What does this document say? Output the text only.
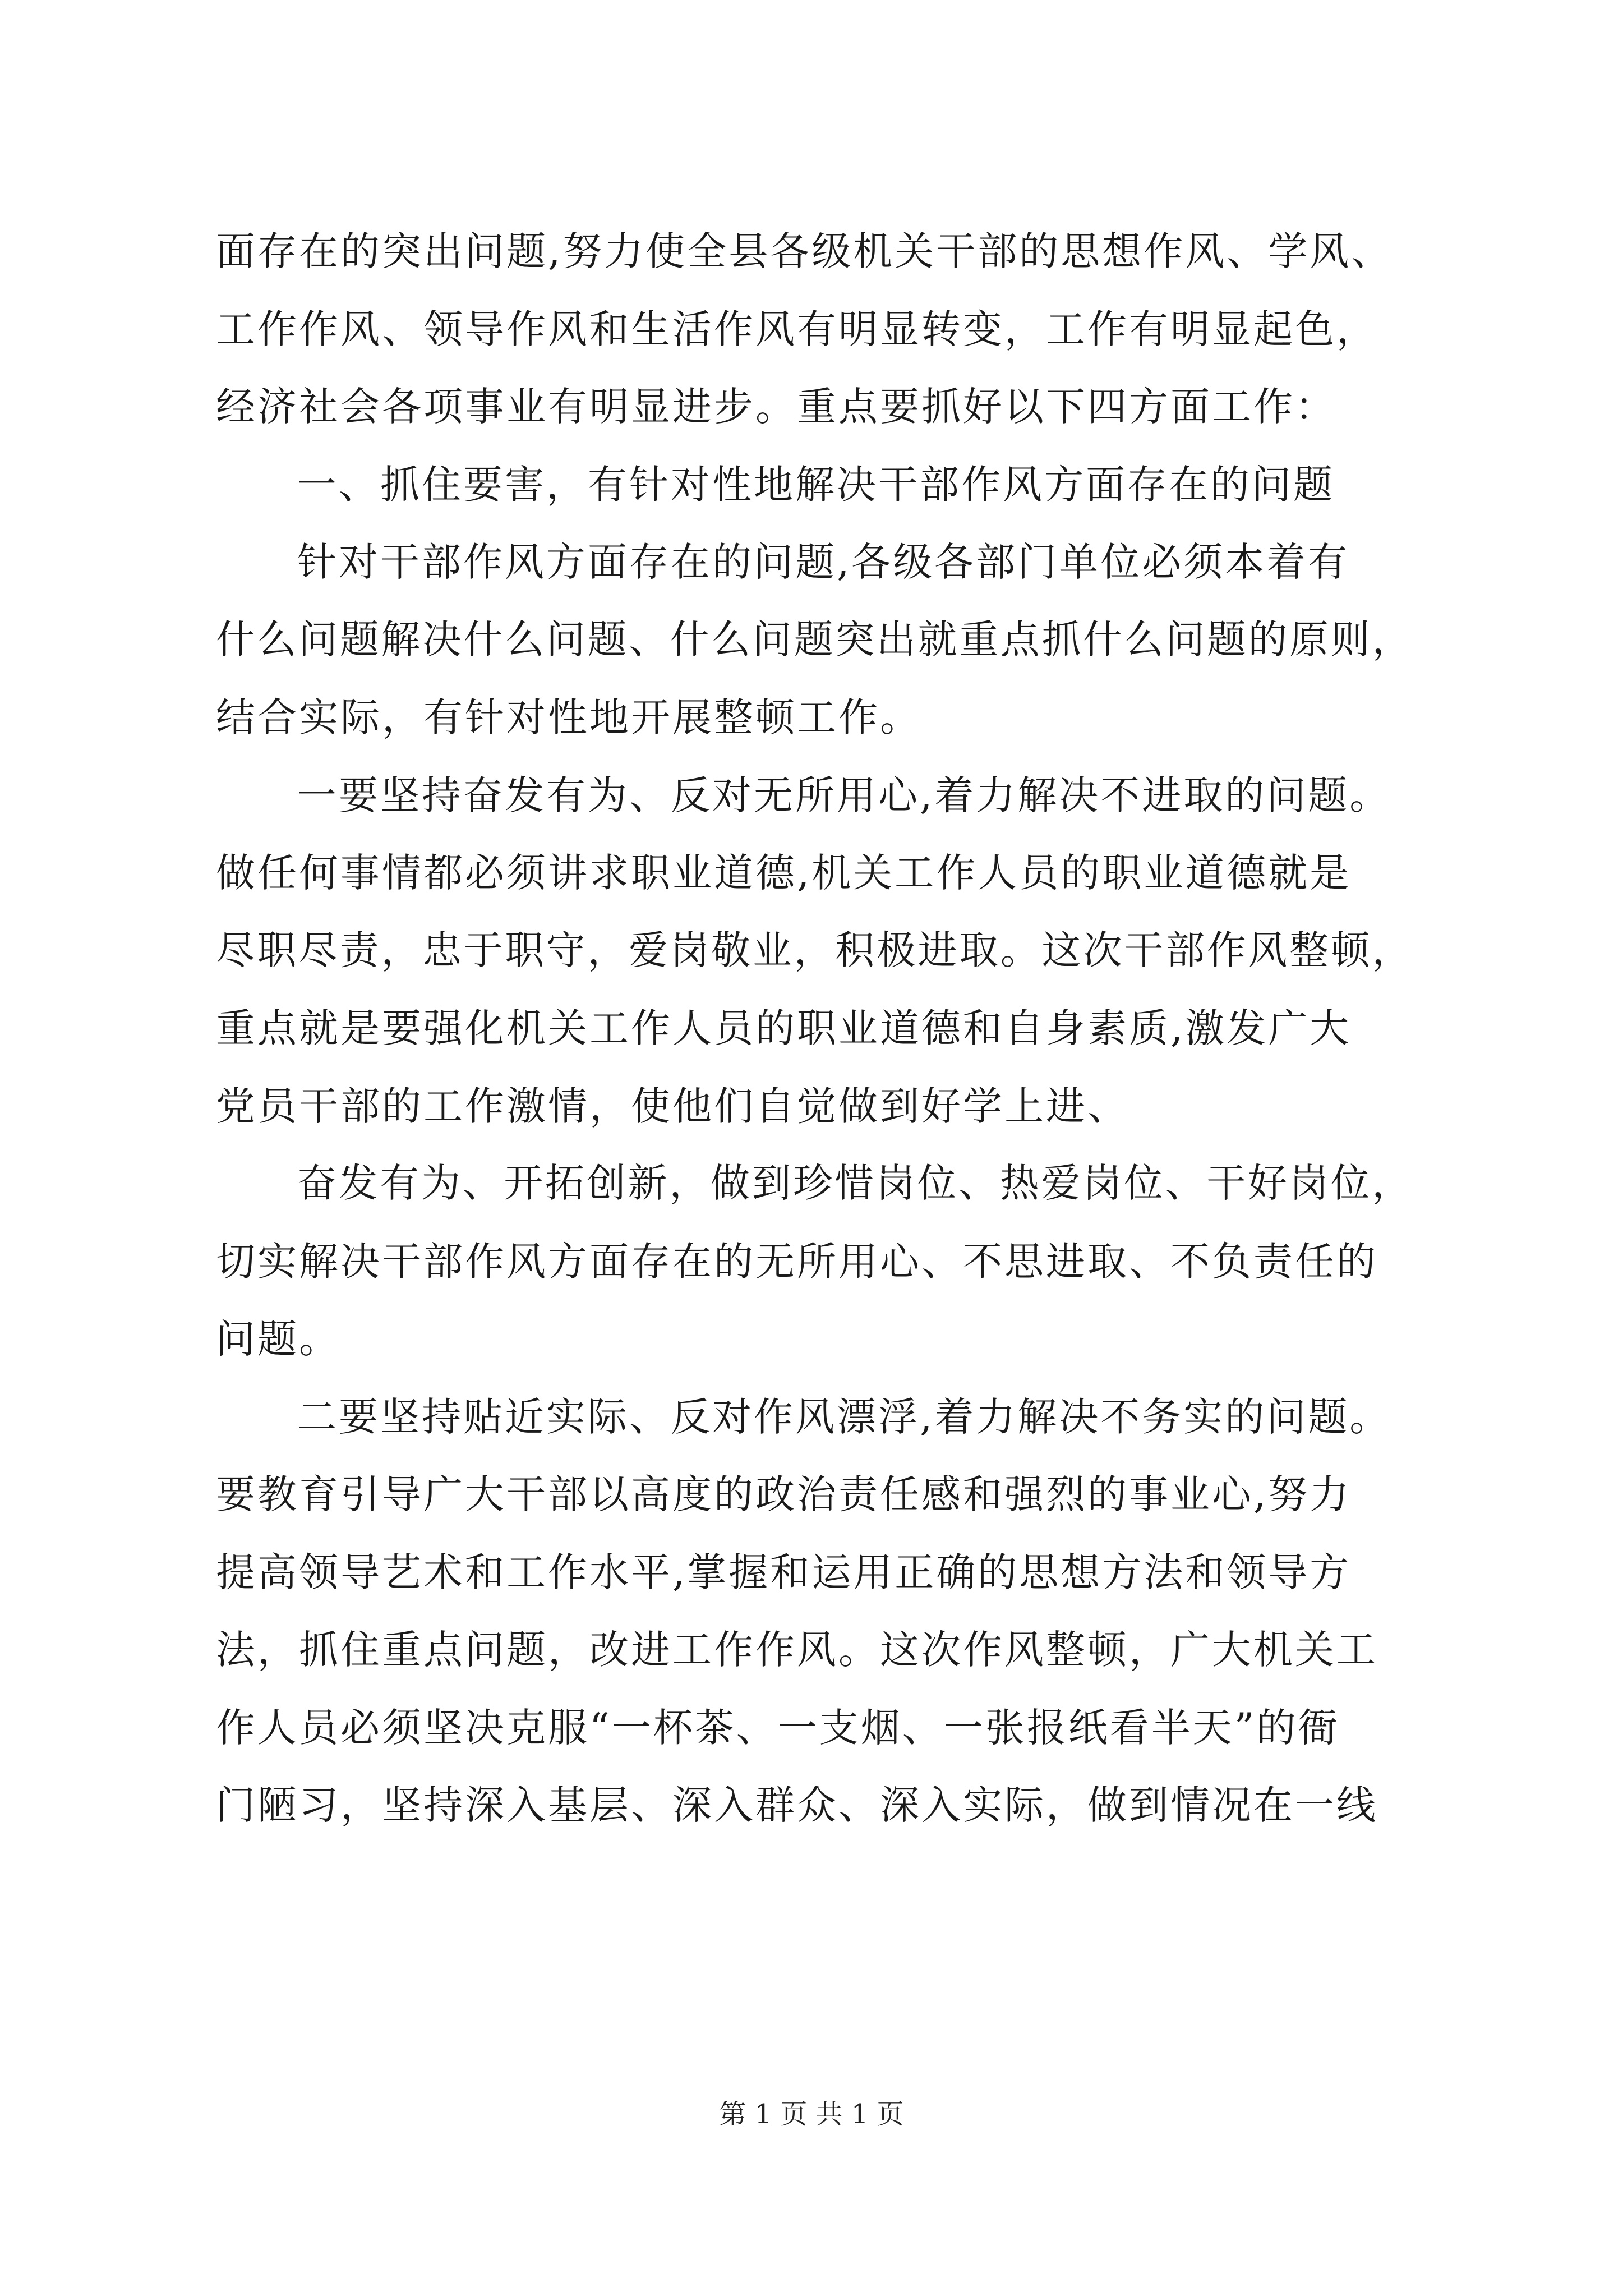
面存在的突出问题,努力使全县各级机关干部的思想作风、学风、

工作作风、领导作风和生活作风有明显转变，工作有明显起色，

经济社会各项事业有明显进步。重点要抓好以下四方面工作：

一、抓住要害，有针对性地解决干部作风方面存在的问题

针对干部作风方面存在的问题,各级各部门单位必须本着有

什么问题解决什么问题、什么问题突出就重点抓什么问题的原则，

结合实际，有针对性地开展整顿工作。

一要坚持奋发有为、反对无所用心,着力解决不进取的问题。

做任何事情都必须讲求职业道德,机关工作人员的职业道德就是

尽职尽责，忠于职守，爱岗敬业，积极进取。这次干部作风整顿，

重点就是要强化机关工作人员的职业道德和自身素质,激发广大

党员干部的工作激情，使他们自觉做到好学上进、

奋发有为、开拓创新，做到珍惜岗位、热爱岗位、干好岗位，

切实解决干部作风方面存在的无所用心、不思进取、不负责任的

问题。

二要坚持贴近实际、反对作风漂浮,着力解决不务实的问题。

要教育引导广大干部以高度的政治责任感和强烈的事业心,努力

提高领导艺术和工作水平,掌握和运用正确的思想方法和领导方

法，抓住重点问题，改进工作作风。这次作风整顿，广大机关工

作人员必须坚决克服“一杯茶、一支烟、一张报纸看半天”的衙

门陋习，坚持深入基层、深入群众、深入实际，做到情况在一线

第 1 页 共 1 页
